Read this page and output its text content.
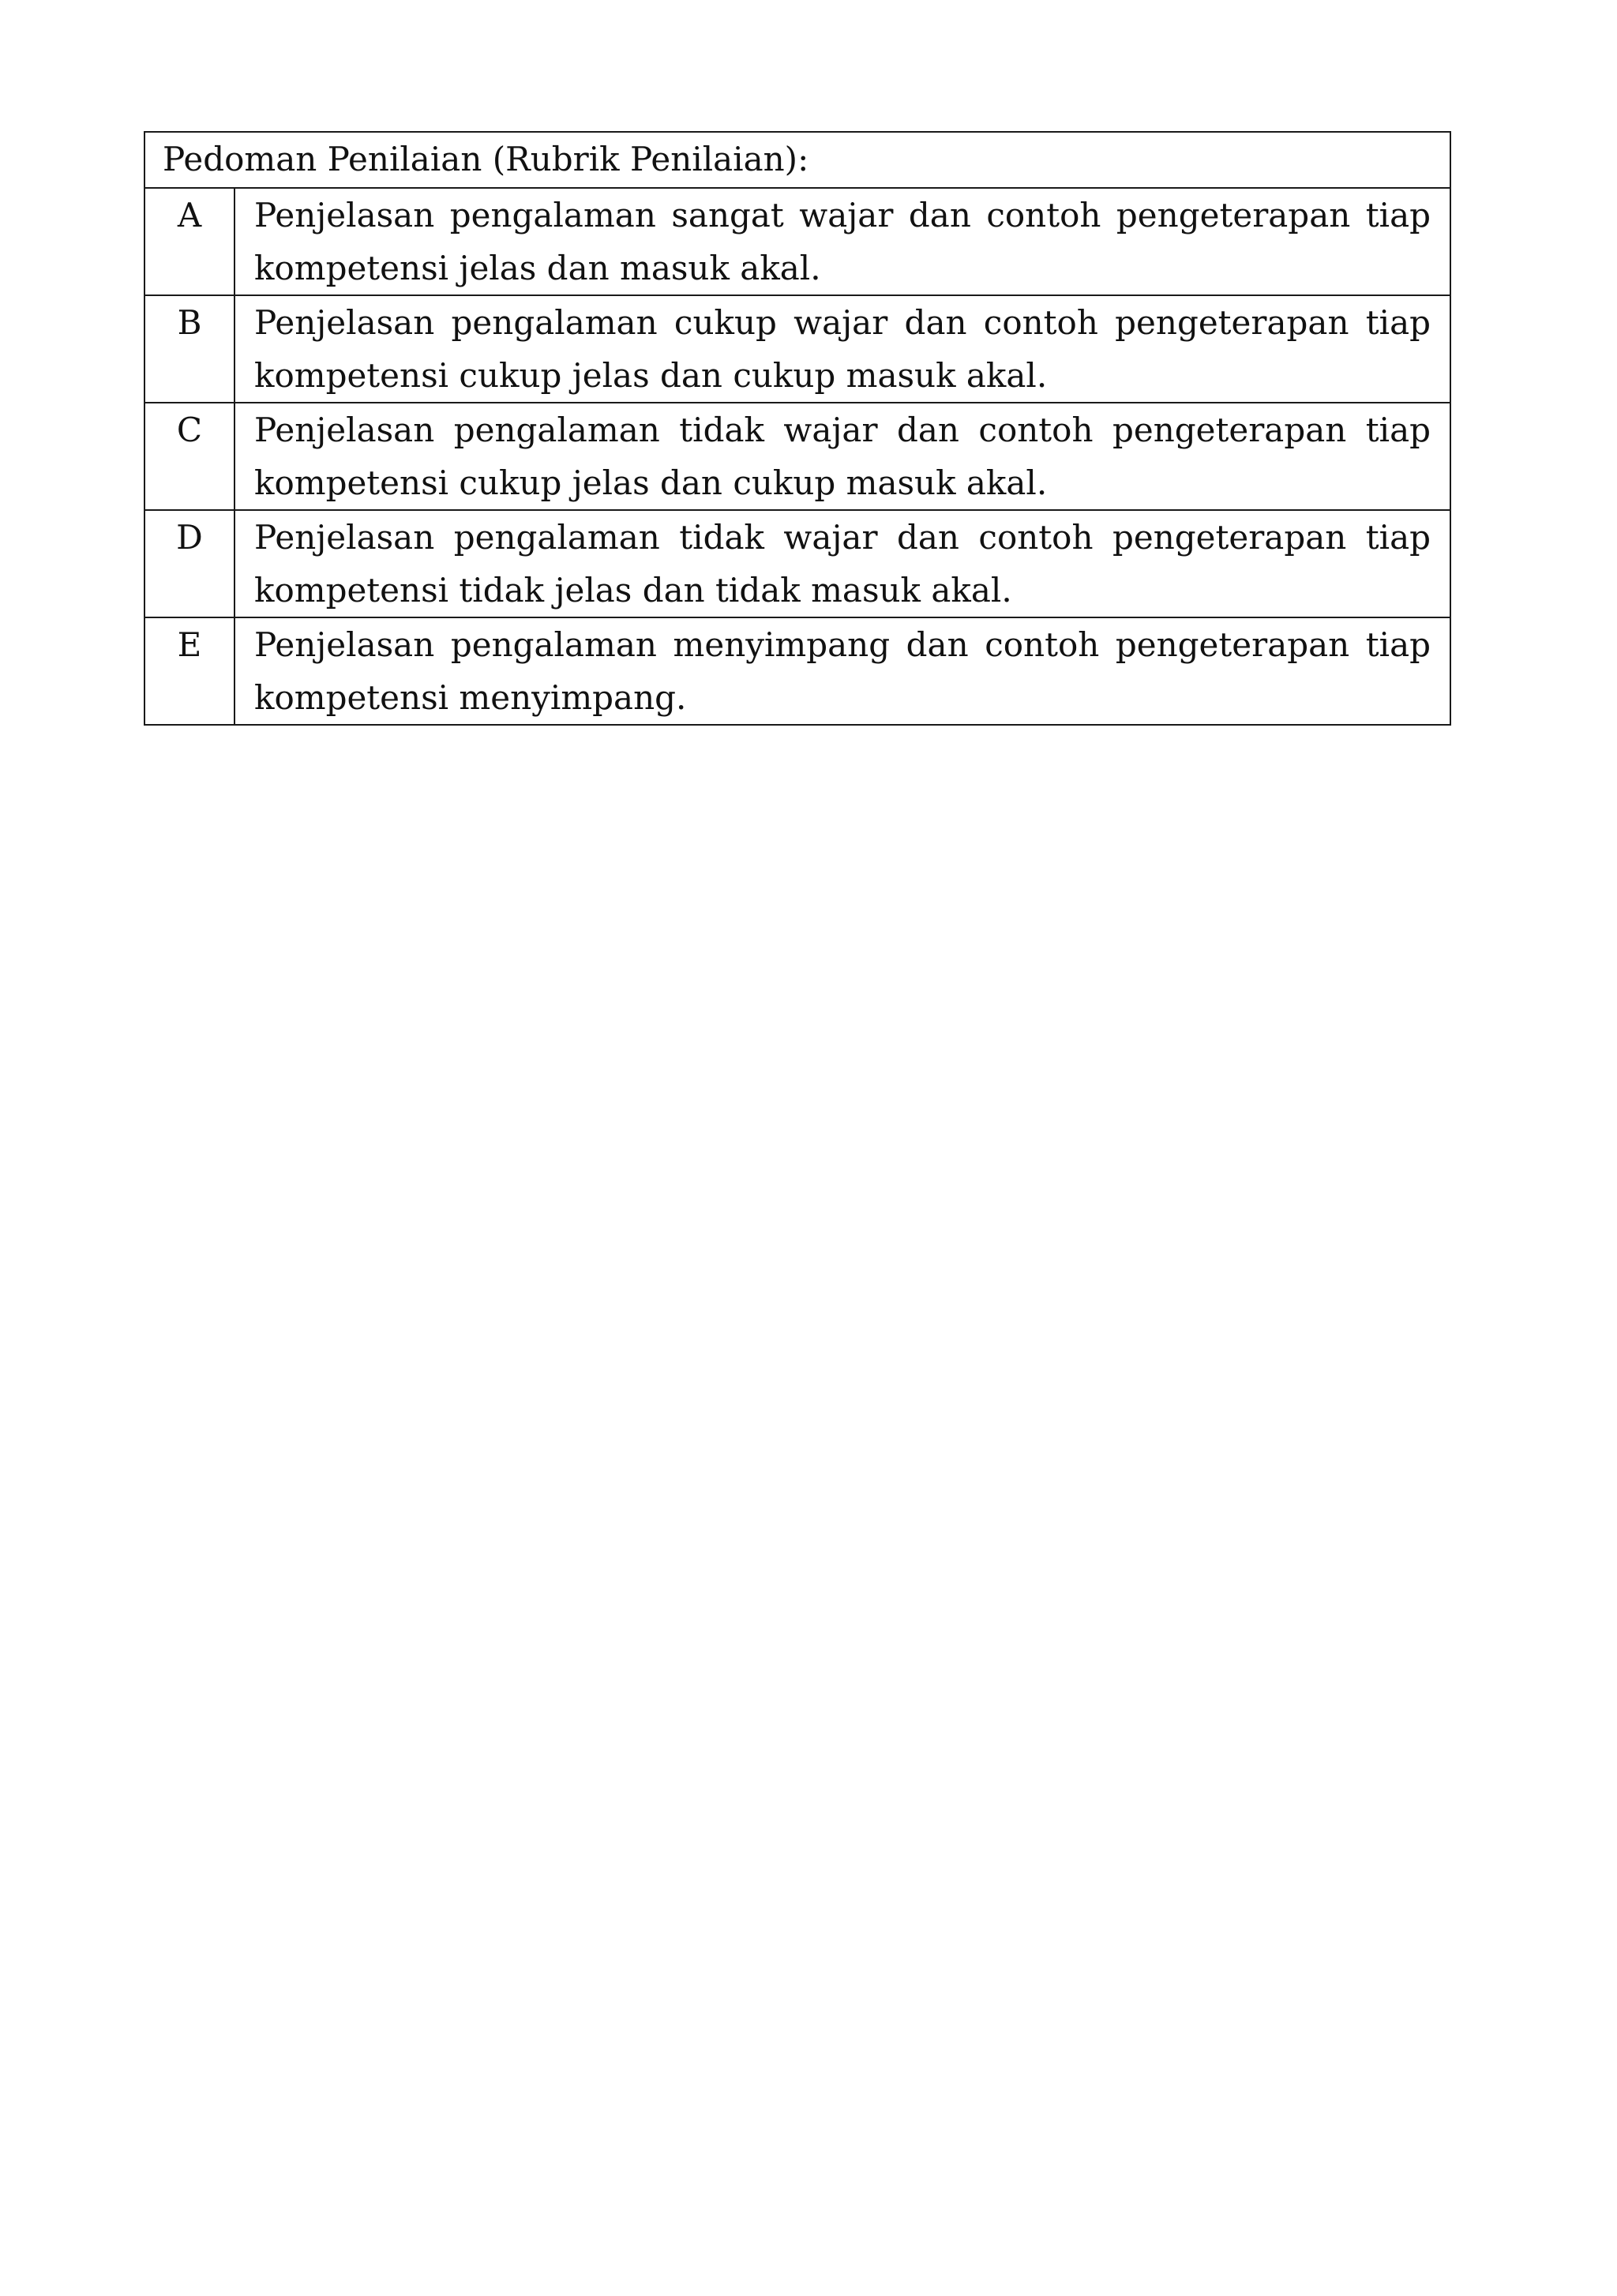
Pedoman Penilaian (Rubrik Penilaian):	
A	Penjelasan pengalaman sangat wajar dan contoh pengeterapan tiap kompetensi jelas dan masuk akal.
B	Penjelasan pengalaman cukup wajar dan contoh pengeterapan tiap kompetensi cukup jelas dan cukup masuk akal.
C	Penjelasan pengalaman tidak wajar dan contoh pengeterapan tiap kompetensi cukup jelas dan cukup masuk akal.
D	Penjelasan pengalaman tidak wajar dan contoh pengeterapan tiap kompetensi tidak jelas dan tidak masuk akal.
E	Penjelasan pengalaman menyimpang dan contoh pengeterapan tiap kompetensi menyimpang.
